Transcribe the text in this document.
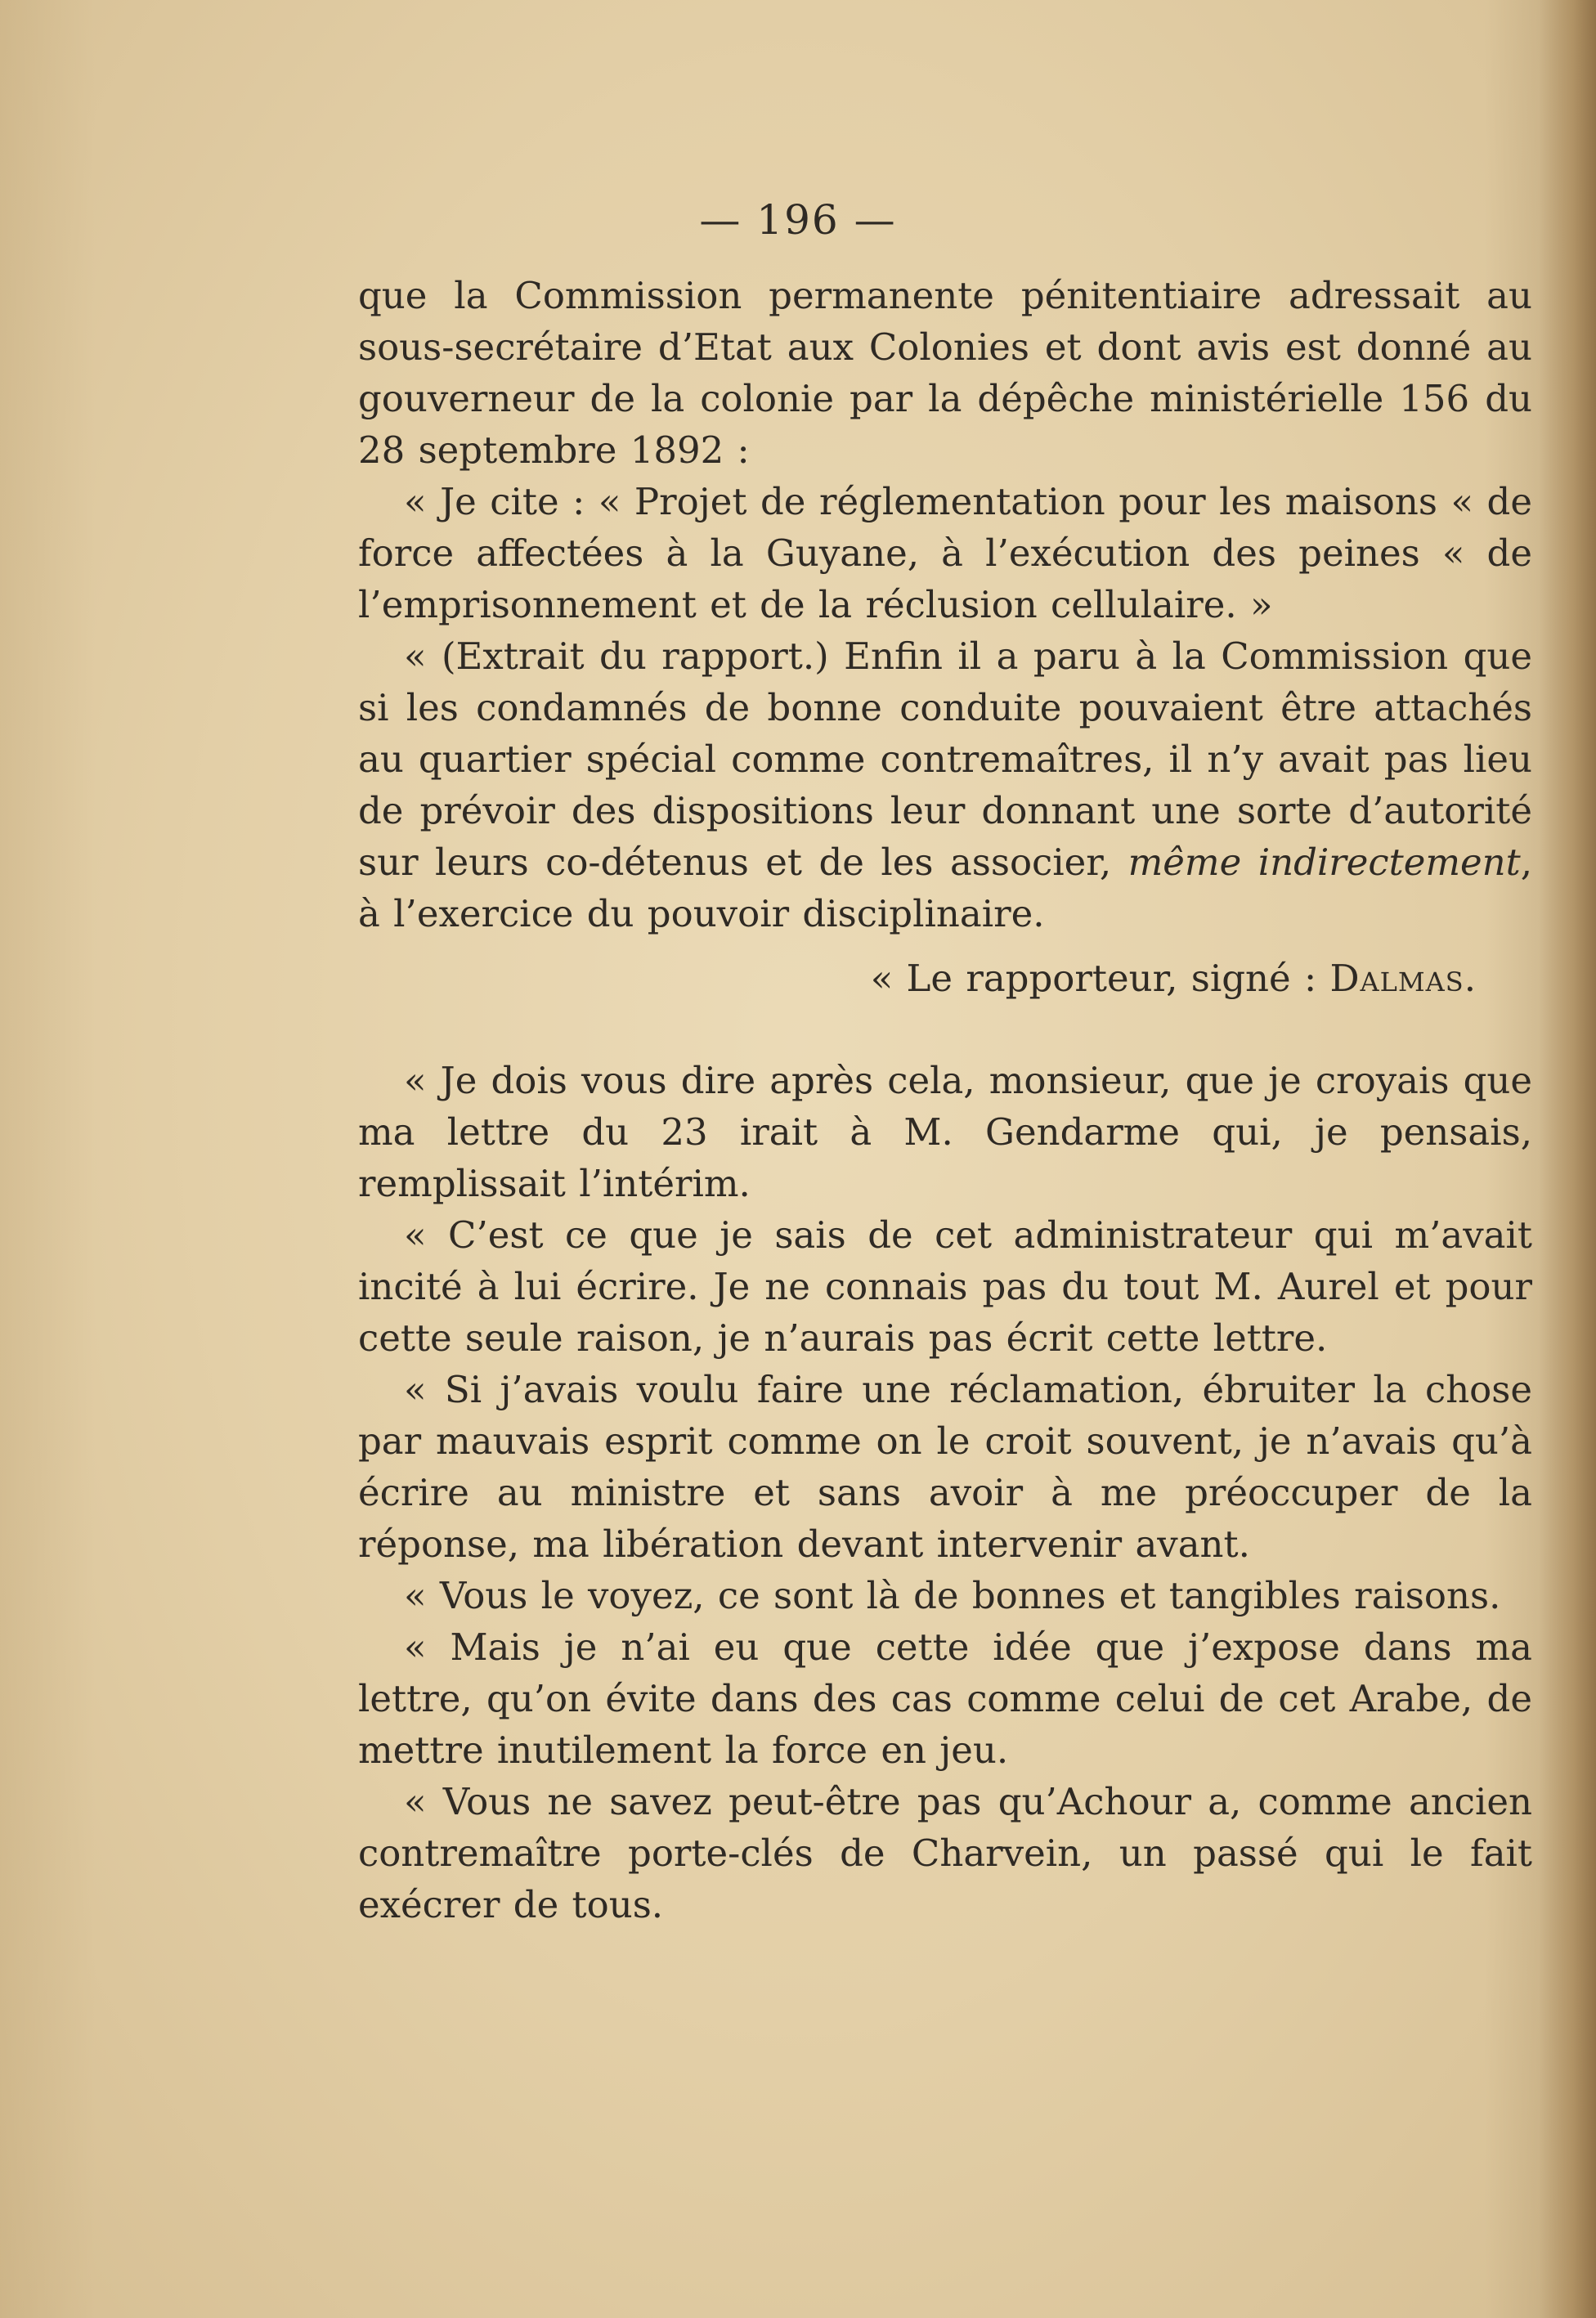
— 196 —

que la Commission permanente pénitentiaire adressait au sous-secrétaire d’Etat aux Colonies et dont avis est donné au gouverneur de la colonie par la dépêche ministérielle 156 du 28 septembre 1892 :

« Je cite : « Projet de réglementation pour les maisons « de force affectées à la Guyane, à l’exécution des peines « de l’emprisonnement et de la réclusion cellulaire. »

« (Extrait du rapport.) Enfin il a paru à la Commission que si les condamnés de bonne conduite pouvaient être attachés au quartier spécial comme contremaîtres, il n’y avait pas lieu de prévoir des dispositions leur donnant une sorte d’autorité sur leurs co-détenus et de les associer, même indirectement, à l’exercice du pouvoir disciplinaire.

« Le rapporteur, signé : Dalmas.

« Je dois vous dire après cela, monsieur, que je croyais que ma lettre du 23 irait à M. Gendarme qui, je pensais, remplissait l’intérim.

« C’est ce que je sais de cet administrateur qui m’avait incité à lui écrire. Je ne connais pas du tout M. Aurel et pour cette seule raison, je n’aurais pas écrit cette lettre.

« Si j’avais voulu faire une réclamation, ébruiter la chose par mauvais esprit comme on le croit souvent, je n’avais qu’à écrire au ministre et sans avoir à me préoccuper de la réponse, ma libération devant intervenir avant.

« Vous le voyez, ce sont là de bonnes et tangibles raisons.

« Mais je n’ai eu que cette idée que j’expose dans ma lettre, qu’on évite dans des cas comme celui de cet Arabe, de mettre inutilement la force en jeu.

« Vous ne savez peut-être pas qu’Achour a, comme ancien contremaître porte-clés de Charvein, un passé qui le fait exécrer de tous.
